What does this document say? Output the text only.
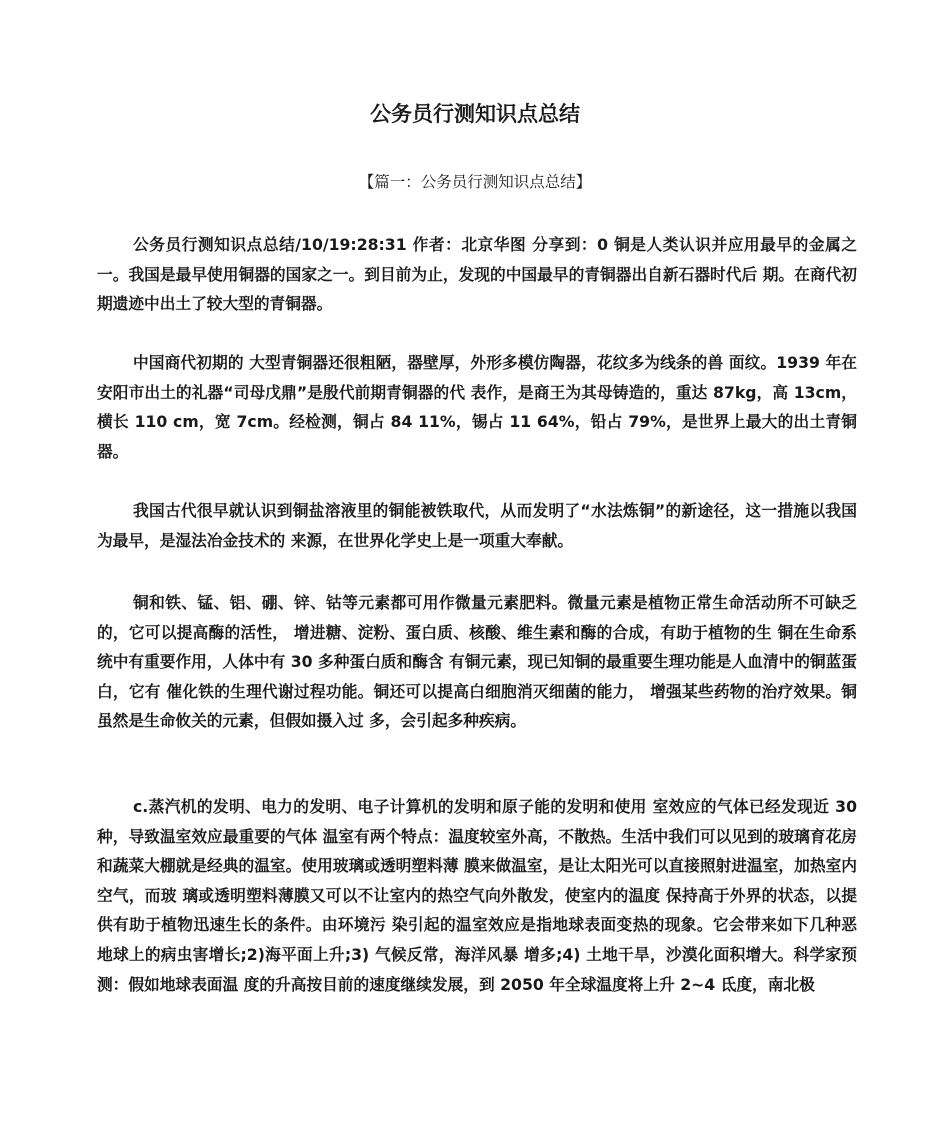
公务员行测知识点总结

【篇一：公务员行测知识点总结】

公务员行测知识点总结/10/19:28:31 作者：北京华图 分享到：0 铜是人类认识并应用最早的金属之一。我国是最早使用铜器的国家之一。到目前为止，发现的中国最早的青铜器出自新石器时代后 期。在商代初期遗迹中出土了较大型的青铜器。

中国商代初期的 大型青铜器还很粗陋，器壁厚，外形多模仿陶器，花纹多为线条的兽 面纹。1939 年在安阳市出土的礼器“司母戊鼎”是殷代前期青铜器的代 表作，是商王为其母铸造的，重达 87kg，高 13cm，横长 110 cm，宽 7cm。经检测，铜占 84 11%，锡占 11 64%，铅占 79%，是世界上最大的出土青铜器。

我国古代很早就认识到铜盐溶液里的铜能被铁取代，从而发明了“水法炼铜”的新途径，这一措施以我国为最早，是湿法冶金技术的 来源，在世界化学史上是一项重大奉献。

铜和铁、锰、铝、硼、锌、钴等元素都可用作微量元素肥料。微量元素是植物正常生命活动所不可缺乏的，它可以提高酶的活性， 增进糖、淀粉、蛋白质、核酸、维生素和酶的合成，有助于植物的生 铜在生命系统中有重要作用，人体中有 30 多种蛋白质和酶含 有铜元素，现已知铜的最重要生理功能是人血清中的铜蓝蛋白，它有 催化铁的生理代谢过程功能。铜还可以提高白细胞消灭细菌的能力， 增强某些药物的治疗效果。铜虽然是生命攸关的元素，但假如摄入过 多，会引起多种疾病。

c.蒸汽机的发明、电力的发明、电子计算机的发明和原子能的发明和使用 室效应的气体已经发现近 30 种，导致温室效应最重要的气体 温室有两个特点：温度较室外高，不散热。生活中我们可以见到的玻璃育花房和蔬菜大棚就是经典的温室。使用玻璃或透明塑料薄 膜来做温室，是让太阳光可以直接照射进温室，加热室内空气，而玻 璃或透明塑料薄膜又可以不让室内的热空气向外散发，使室内的温度 保持高于外界的状态，以提供有助于植物迅速生长的条件。由环境污 染引起的温室效应是指地球表面变热的现象。它会带来如下几种恶 地球上的病虫害增长;2)海平面上升;3) 气候反常，海洋风暴 增多;4) 土地干旱，沙漠化面积增大。科学家预测：假如地球表面温 度的升高按目前的速度继续发展，到 2050 年全球温度将上升 2~4 氐度，南北极
